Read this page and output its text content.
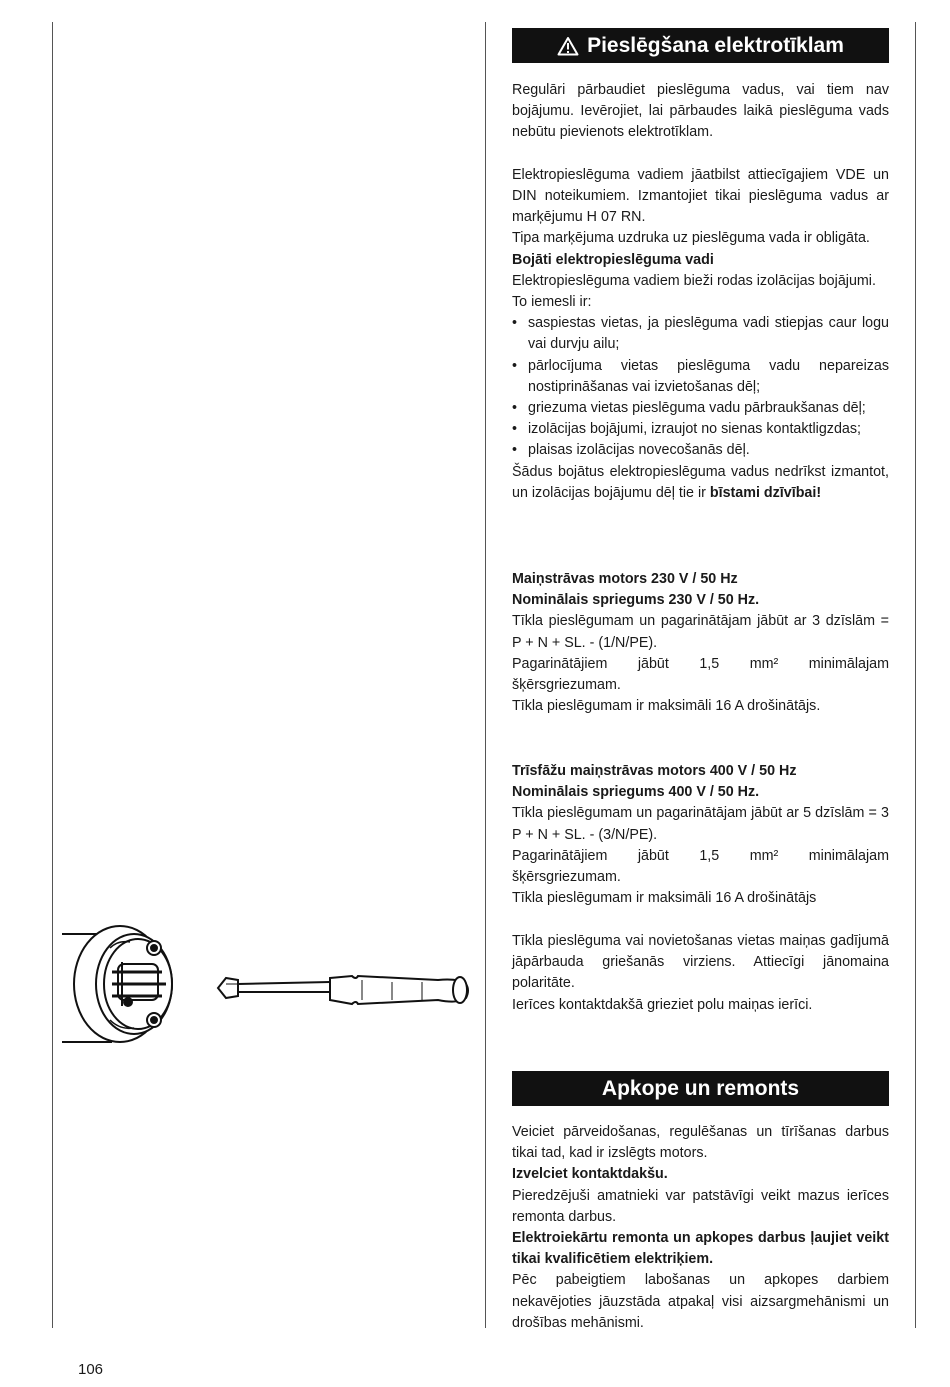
Pieslēgšana elektrotīklam

Regulāri pārbaudiet pieslēguma vadus, vai tiem nav bojājumu. Ievērojiet, lai pārbaudes laikā pieslēguma vads nebūtu pievienots elektrotīklam.

Elektropieslēguma vadiem jāatbilst attiecīgajiem VDE un DIN noteikumiem. Izmantojiet tikai pieslēguma vadus ar marķējumu H 07 RN.

Tipa marķējuma uzdruka uz pieslēguma vada ir obligāta.

Bojāti elektropieslēguma vadi

Elektropieslēguma vadiem bieži rodas izolācijas bojājumi.

To iemesli ir:

• saspiestas vietas, ja pieslēguma vadi stiepjas caur logu vai durvju ailu;
• pārlocījuma vietas pieslēguma vadu nepareizas nostiprināšanas vai izvietošanas dēļ;
• griezuma vietas pieslēguma vadu pārbraukšanas dēļ;
• izolācijas bojājumi, izraujot no sienas kontaktligzdas;
• plaisas izolācijas novecošanās dēļ.

Šādus bojātus elektropieslēguma vadus nedrīkst izmantot, un izolācijas bojājumu dēļ tie ir bīstami dzīvībai!

Maiņstrāvas motors 230 V / 50 Hz

Nominālais spriegums 230 V / 50 Hz.

Tīkla pieslēgumam un pagarinātājam jābūt ar 3 dzīslām = P + N + SL. - (1/N/PE).

Pagarinātājiem jābūt 1,5 mm² minimālajam šķērsgriezumam.

Tīkla pieslēgumam ir maksimāli 16 A drošinātājs.

Trīsfāžu maiņstrāvas motors 400 V / 50 Hz

Nominālais spriegums 400 V / 50 Hz.

Tīkla pieslēgumam un pagarinātājam jābūt ar 5 dzīslām = 3 P + N + SL. - (3/N/PE).

Pagarinātājiem jābūt 1,5 mm² minimālajam šķērsgriezumam.

Tīkla pieslēgumam ir maksimāli 16 A drošinātājs

Tīkla pieslēguma vai novietošanas vietas maiņas gadījumā jāpārbauda griešanās virziens. Attiecīgi jānomaina polaritāte.

Ierīces kontaktdakšā grieziet polu maiņas ierīci.

Apkope un remonts

Veiciet pārveidošanas, regulēšanas un tīrīšanas darbus tikai tad, kad ir izslēgts motors.

Izvelciet kontaktdakšu.

Pieredzējuši amatnieki var patstāvīgi veikt mazus ierīces remonta darbus.

Elektroiekārtu remonta un apkopes darbus ļaujiet veikt tikai kvalificētiem elektriķiem.

Pēc pabeigtiem labošanas un apkopes darbiem nekavējoties jāuzstāda atpakaļ visi aizsargmehānismi un drošības mehānismi.

106
